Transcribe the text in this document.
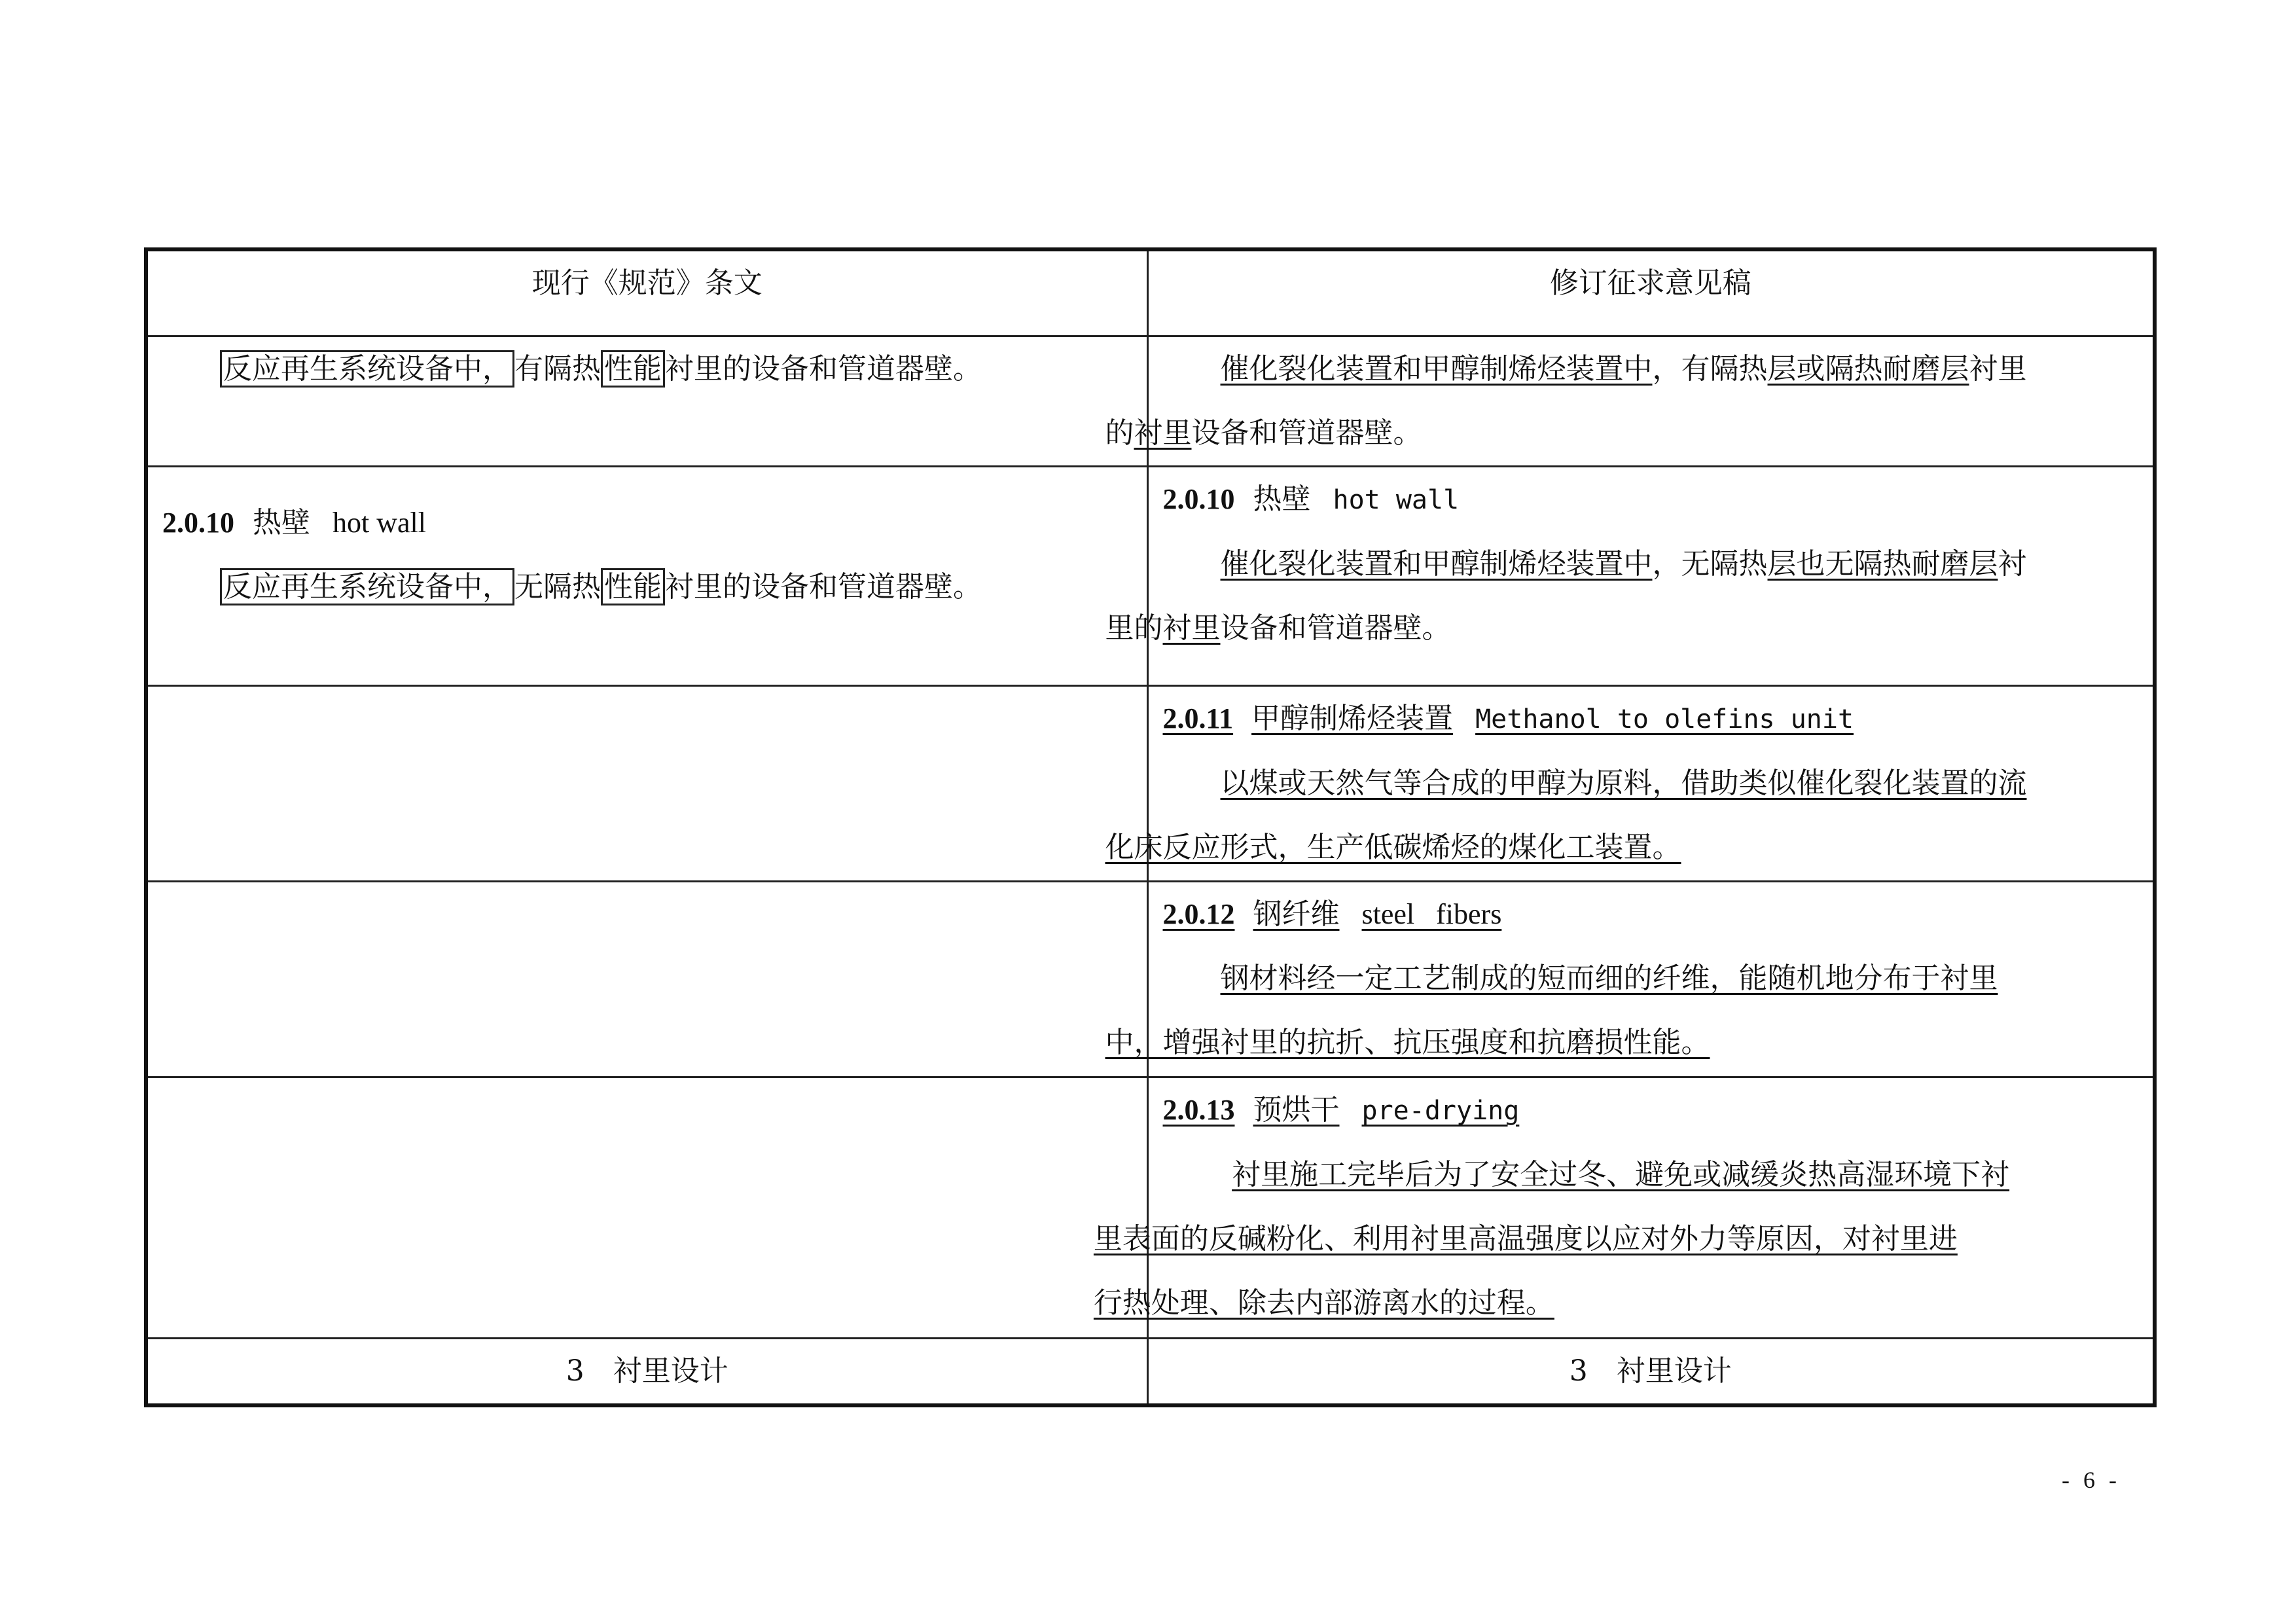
现行《规范》条文	修订征求意见稿

反应再生系统设备中， 有隔热 性能 衬里的设备和管道器壁。	催化裂化装置和甲醇制烯烃装置中，有隔热层或隔热耐磨层衬里
的衬里设备和管道器壁。

2.0.10 热壁 hot wall
反应再生系统设备中， 无隔热 性能 衬里的设备和管道器壁。	2.0.10 热壁 hot wall
催化裂化装置和甲醇制烯烃装置中，无隔热层也无隔热耐磨层衬
里的衬里设备和管道器壁。

	2.0.11 甲醇制烯烃装置 Methanol to olefins unit
以煤或天然气等合成的甲醇为原料，借助类似催化裂化装置的流
化床反应形式，生产低碳烯烃的煤化工装置。

	2.0.12 钢纤维 steel   fibers
钢材料经一定工艺制成的短而细的纤维，能随机地分布于衬里
中，增强衬里的抗折、抗压强度和抗磨损性能。

	2.0.13 预烘干 pre-drying
衬里施工完毕后为了安全过冬、避免或减缓炎热高湿环境下衬
里表面的反碱粉化、利用衬里高温强度以应对外力等原因，对衬里进
行热处理、除去内部游离水的过程。

3　衬里设计	3　衬里设计
- 6 -
